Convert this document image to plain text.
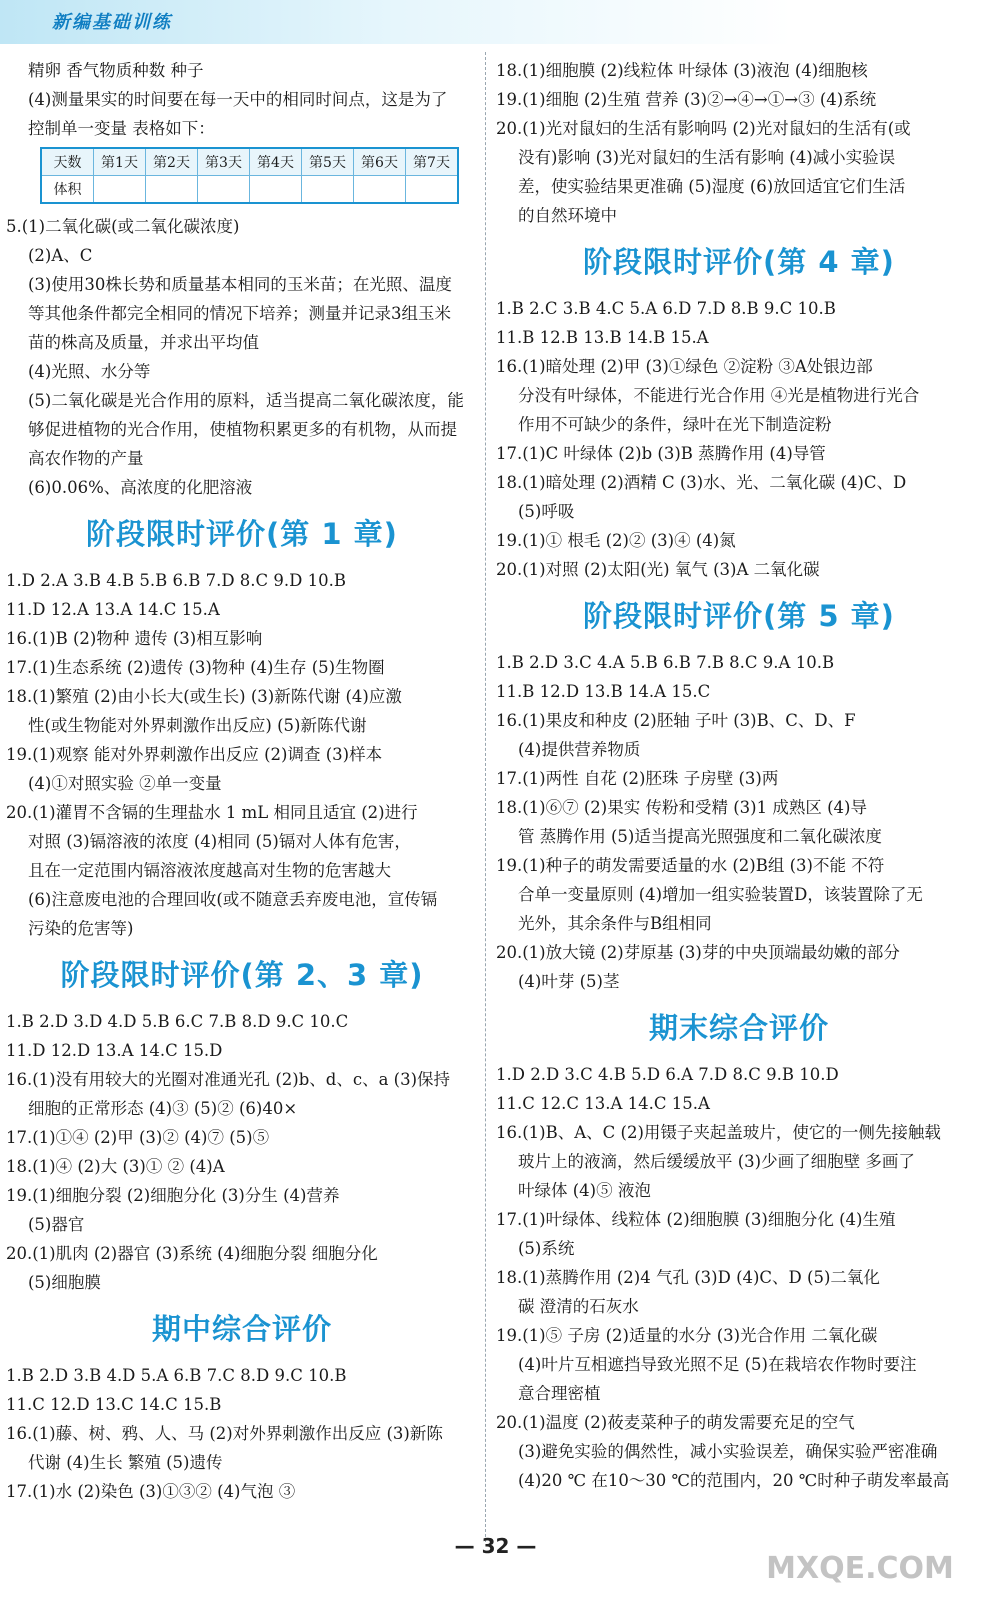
新编基础训练
精卵 香气物质种数 种子
(4)测量果实的时间要在每一天中的相同时间点，这是为了
控制单一变量 表格如下：
天数	第1天	第2天	第3天	第4天	第5天	第6天	第7天
体积							
5.(1)二氧化碳(或二氧化碳浓度)
(2)A、C
(3)使用30株长势和质量基本相同的玉米苗；在光照、温度
等其他条件都完全相同的情况下培养；测量并记录3组玉米
苗的株高及质量，并求出平均值
(4)光照、水分等
(5)二氧化碳是光合作用的原料，适当提高二氧化碳浓度，能
够促进植物的光合作用，使植物积累更多的有机物，从而提
高农作物的产量
(6)0.06%、高浓度的化肥溶液
阶段限时评价(第 1 章)
1.D 2.A 3.B 4.B 5.B 6.B 7.D 8.C 9.D 10.B
11.D 12.A 13.A 14.C 15.A
16.(1)B (2)物种 遗传 (3)相互影响
17.(1)生态系统 (2)遗传 (3)物种 (4)生存 (5)生物圈
18.(1)繁殖 (2)由小长大(或生长) (3)新陈代谢 (4)应激
性(或生物能对外界刺激作出反应) (5)新陈代谢
19.(1)观察 能对外界刺激作出反应 (2)调查 (3)样本
(4)①对照实验 ②单一变量
20.(1)灌胃不含镉的生理盐水 1 mL 相同且适宜 (2)进行
对照 (3)镉溶液的浓度 (4)相同 (5)镉对人体有危害，
且在一定范围内镉溶液浓度越高对生物的危害越大
(6)注意废电池的合理回收(或不随意丢弃废电池，宣传镉
污染的危害等)
阶段限时评价(第 2、3 章)
1.B 2.D 3.D 4.D 5.B 6.C 7.B 8.D 9.C 10.C
11.D 12.D 13.A 14.C 15.D
16.(1)没有用较大的光圈对准通光孔 (2)b、d、c、a (3)保持
细胞的正常形态 (4)③ (5)② (6)40×
17.(1)①④ (2)甲 (3)② (4)⑦ (5)⑤
18.(1)④ (2)大 (3)① ② (4)A
19.(1)细胞分裂 (2)细胞分化 (3)分生 (4)营养
(5)器官
20.(1)肌肉 (2)器官 (3)系统 (4)细胞分裂 细胞分化
(5)细胞膜
期中综合评价
1.B 2.D 3.B 4.D 5.A 6.B 7.C 8.D 9.C 10.B
11.C 12.D 13.C 14.C 15.B
16.(1)藤、树、鸦、人、马 (2)对外界刺激作出反应 (3)新陈
代谢 (4)生长 繁殖 (5)遗传
17.(1)水 (2)染色 (3)①③② (4)气泡 ③
18.(1)细胞膜 (2)线粒体 叶绿体 (3)液泡 (4)细胞核
19.(1)细胞 (2)生殖 营养 (3)②→④→①→③ (4)系统
20.(1)光对鼠妇的生活有影响吗 (2)光对鼠妇的生活有(或
没有)影响 (3)光对鼠妇的生活有影响 (4)减小实验误
差，使实验结果更准确 (5)湿度 (6)放回适宜它们生活
的自然环境中
阶段限时评价(第 4 章)
1.B 2.C 3.B 4.C 5.A 6.D 7.D 8.B 9.C 10.B
11.B 12.B 13.B 14.B 15.A
16.(1)暗处理 (2)甲 (3)①绿色 ②淀粉 ③A处银边部
分没有叶绿体，不能进行光合作用 ④光是植物进行光合
作用不可缺少的条件，绿叶在光下制造淀粉
17.(1)C 叶绿体 (2)b (3)B 蒸腾作用 (4)导管
18.(1)暗处理 (2)酒精 C (3)水、光、二氧化碳 (4)C、D
(5)呼吸
19.(1)① 根毛 (2)② (3)④ (4)氮
20.(1)对照 (2)太阳(光) 氧气 (3)A 二氧化碳
阶段限时评价(第 5 章)
1.B 2.D 3.C 4.A 5.B 6.B 7.B 8.C 9.A 10.B
11.B 12.D 13.B 14.A 15.C
16.(1)果皮和种皮 (2)胚轴 子叶 (3)B、C、D、F
(4)提供营养物质
17.(1)两性 自花 (2)胚珠 子房壁 (3)两
18.(1)⑥⑦ (2)果实 传粉和受精 (3)1 成熟区 (4)导
管 蒸腾作用 (5)适当提高光照强度和二氧化碳浓度
19.(1)种子的萌发需要适量的水 (2)B组 (3)不能 不符
合单一变量原则 (4)增加一组实验装置D，该装置除了无
光外，其余条件与B组相同
20.(1)放大镜 (2)芽原基 (3)芽的中央顶端最幼嫩的部分
(4)叶芽 (5)茎
期末综合评价
1.D 2.D 3.C 4.B 5.D 6.A 7.D 8.C 9.B 10.D
11.C 12.C 13.A 14.C 15.A
16.(1)B、A、C (2)用镊子夹起盖玻片，使它的一侧先接触载
玻片上的液滴，然后缓缓放平 (3)少画了细胞壁 多画了
叶绿体 (4)⑤ 液泡
17.(1)叶绿体、线粒体 (2)细胞膜 (3)细胞分化 (4)生殖
(5)系统
18.(1)蒸腾作用 (2)4 气孔 (3)D (4)C、D (5)二氧化
碳 澄清的石灰水
19.(1)⑤ 子房 (2)适量的水分 (3)光合作用 二氧化碳
(4)叶片互相遮挡导致光照不足 (5)在栽培农作物时要注
意合理密植
20.(1)温度 (2)莜麦菜种子的萌发需要充足的空气
(3)避免实验的偶然性，减小实验误差，确保实验严密准确
(4)20 ℃ 在10～30 ℃的范围内，20 ℃时种子萌发率最高
— 32 —
MXQE.COM
